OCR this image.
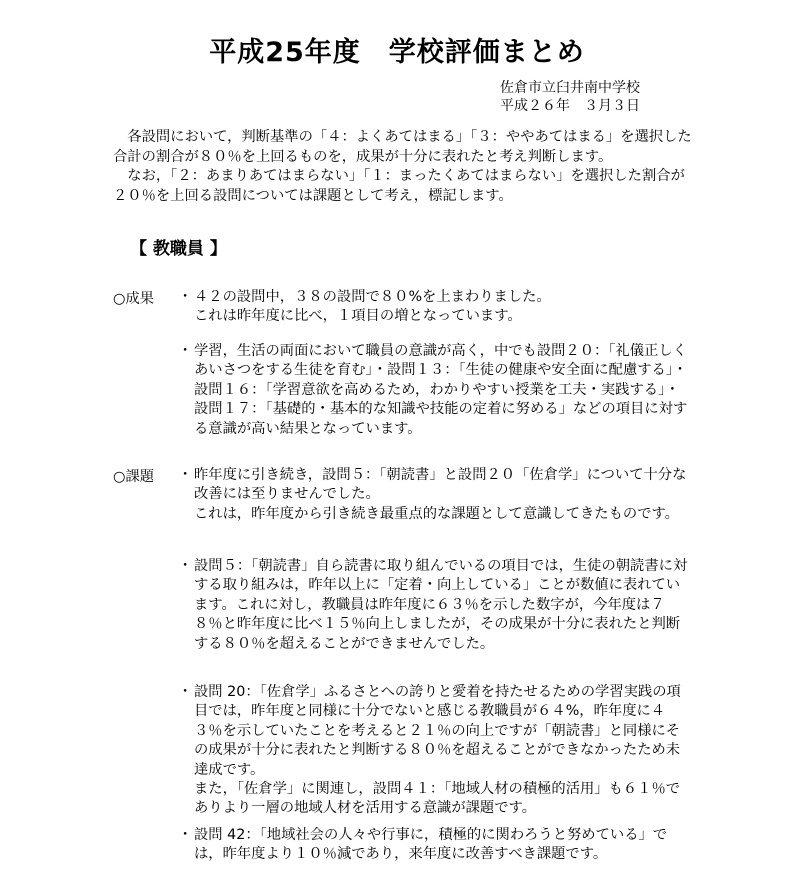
平成25年度　学校評価まとめ
佐倉市立臼井南中学校
平成２６年　３月３日

各設問において，判断基準の「４：よくあてはまる」「３：ややあてはまる」を選択した合計の割合が８０％を上回るものを，成果が十分に表れたと考え判断します。

なお，「２：あまりあてはまらない」「１：まったくあてはまらない」を選択した割合が２０％を上回る設問については課題として考え，標記します。

【 教職員 】
○成果 ・ ４２の設問中，３８の設問で８０%を上まわりました。
これは昨年度に比べ，１項目の増となっています。
・ 学習，生活の両面において職員の意識が高く，中でも設問２０：「礼儀正しくあいさつをする生徒を育む」・設問１３：「生徒の健康や安全面に配慮する」・設問１６：「学習意欲を高めるため，わかりやすい授業を工夫・実践する」・設問１７：「基礎的・基本的な知識や技能の定着に努める」などの項目に対する意識が高い結果となっています。
○課題 ・ 昨年度に引き続き，設問５：「朝読書」と設問２０「佐倉学」について十分な改善には至りませんでした。
これは，昨年度から引き続き最重点的な課題として意識してきたものです。
・ 設問５：「朝読書」自ら読書に取り組んでいるの項目では，生徒の朝読書に対する取り組みは，昨年以上に「定着・向上している」ことが数値に表れています。これに対し，教職員は昨年度に６３％を示した数字が，今年度は７８％と昨年度に比べ１５％向上しましたが，その成果が十分に表れたと判断する８０％を超えることができませんでした。
・ 設問 20：「佐倉学」ふるさとへの誇りと愛着を持たせるための学習実践の項目では，昨年度と同様に十分でないと感じる教職員が６４%，昨年度に４３％を示していたことを考えると２１％の向上ですが「朝読書」と同様にその成果が十分に表れたと判断する８０％を超えることができなかったため未達成です。
また，「佐倉学」に関連し，設問４１：「地域人材の積極的活用」も６１％でありより一層の地域人材を活用する意識が課題です。
・ 設問 42：「地域社会の人々や行事に，積極的に関わろうと努めている」では，昨年度より１０％減であり，来年度に改善すべき課題です。
